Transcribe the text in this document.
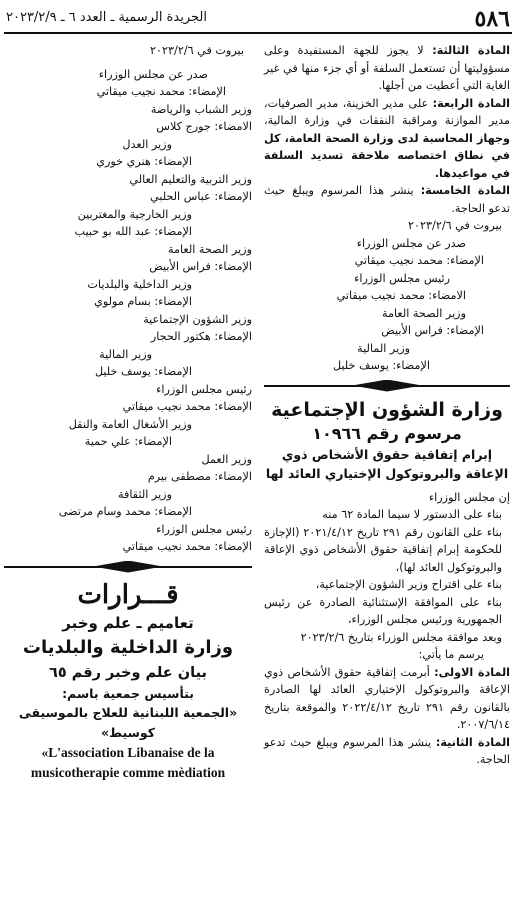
٥٨٦
الجريدة الرسمية ـ العدد ٦ ـ ٢٠٢٣/٢/٩

المادة الثالثة: لا يجوز للجهة المستفيدة وعلى مسؤوليتها أن تستعمل السلفة أو أي جزء منها في غير الغاية التي أعطيت من أجلها.

المادة الرابعة: على مدير الخزينة، مدير الصرفيات، مدير الموازنة ومراقبة النفقات في وزارة المالية، وجهاز المحاسبة لدى وزارة الصحة العامة، كل في نطاق اختصاصه ملاحقة تسديد السلفة في مواعيدها.

المادة الخامسة: ينشر هذا المرسوم ويبلغ حيث تدعو الحاجة.

بيروت في ٢٠٢٣/٢/٦

صدر عن مجلس الوزراء

الإمضاء: محمد نجيب ميقاتي

رئيس مجلس الوزراء

الامضاء: محمد نجيب ميقاتي

وزير الصحة العامة

الإمضاء: فراس الأبيض

وزير المالية

الإمضاء: يوسف خليل

وزارة الشؤون الإجتماعية

مرسوم رقم ١٠٩٦٦

إبرام إتفاقية حقوق الأشخاص ذوي

الإعاقة والبروتوكول الإختياري العائد لها

إن مجلس الوزراء

بناء على الدستور لا سيما المادة ٦٢ منه

بناء على القانون رقم ٢٩١ تاريخ ٢٠٢١/٤/١٢ (الإجازة للحكومة إبرام إتفاقية حقوق الأشخاص ذوي الإعاقة والبروتوكول العائد لها)،

بناء على اقتراح وزير الشؤون الإجتماعية،

بناء على الموافقة الإستثنائية الصادرة عن رئيس الجمهورية ورئيس مجلس الوزراء،

وبعد موافقة مجلس الوزراء بتاريخ ٢٠٢٣/٢/٦

يرسم ما يأتي:

المادة الاولى: أبرمت إتفاقية حقوق الأشخاص ذوي الإعاقة والبروتوكول الإختياري العائد لها الصادرة بالقانون رقم ٢٩١ تاريخ ٢٠٢٢/٤/١٢ والموقعة بتاريخ ٢٠٠٧/٦/١٤.

المادة الثانية: ينشر هذا المرسوم ويبلغ حيث تدعو الحاجة.

بيروت في ٢٠٢٣/٢/٦

صدر عن مجلس الوزراء

الإمضاء: محمد نجيب ميقاتي

وزير الشباب والرياضة

الامضاء: جورج كلاس

وزير العدل

الإمضاء: هنري خوري

وزير التربية والتعليم العالي

الإمضاء: عباس الحلبي

وزير الخارجية والمغتربين

الإمضاء: عبد الله بو حبيب

وزير الصحة العامة

الإمضاء: فراس الأبيض

وزير الداخلية والبلديات

الإمضاء: بسام مولوي

وزير الشؤون الإجتماعية

الإمضاء: هكتور الحجار

وزير المالية

الإمضاء: يوسف خليل

رئيس مجلس الوزراء

الإمضاء: محمد نجيب ميقاتي

وزير الأشغال العامة والنقل

الإمضاء: علي حمية

وزير العمل

الإمضاء: مصطفى بيرم

وزير الثقافة

الإمضاء: محمد وسام مرتضى

رئيس مجلس الوزراء

الإمضاء: محمد نجيب ميقاتي

قـــرارات

تعاميم ـ علم وخبر

وزارة الداخلية والبلديات

بيان علم وخبر رقم ٦٥

بتأسيس جمعية باسم:

«الجمعية اللبنانية للعلاج بالموسيقى كوسيط»

«L'association Libanaise de la

musicotherapie comme mèdiation
